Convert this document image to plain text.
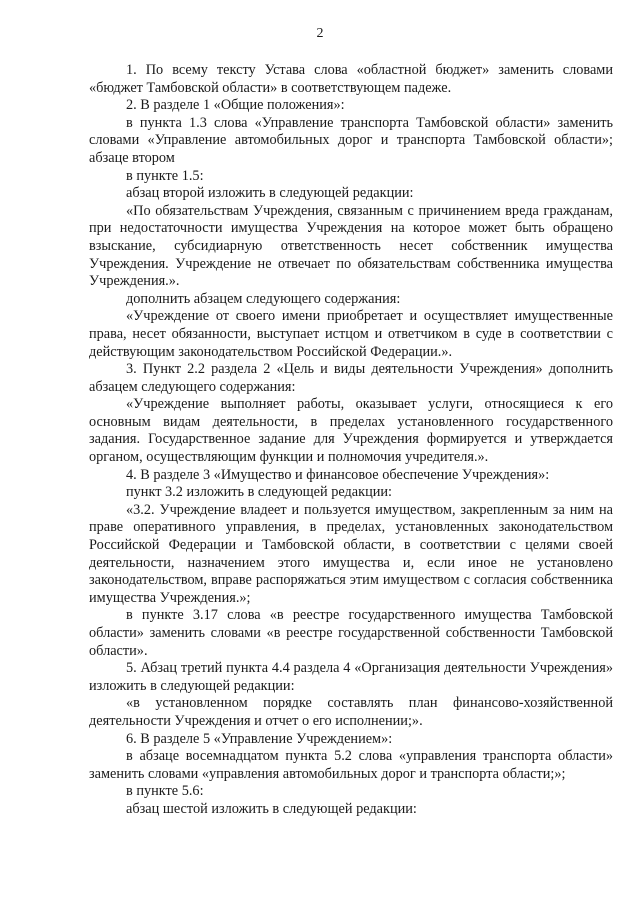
2

1. По всему тексту Устава слова «областной бюджет» заменить словами «бюджет Тамбовской области» в соответствующем падеже.

2. В разделе 1 «Общие положения»:

в пункта 1.3 слова «Управление транспорта Тамбовской области» заменить словами «Управление автомобильных дорог и транспорта Тамбовской области»; абзаце втором

в пункте 1.5:

абзац второй изложить в следующей редакции:

«По обязательствам Учреждения, связанным с причинением вреда гражданам, при недостаточности имущества Учреждения на которое может быть обращено взыскание, субсидиарную ответственность несет собственник имущества Учреждения. Учреждение не отвечает по обязательствам собственника имущества Учреждения.».

дополнить абзацем следующего содержания:

«Учреждение от своего имени приобретает и осуществляет имущественные права, несет обязанности, выступает истцом и ответчиком в суде в соответствии с действующим законодательством Российской Федерации.».

3. Пункт 2.2 раздела 2 «Цель и виды деятельности Учреждения» дополнить абзацем следующего содержания:

«Учреждение выполняет работы, оказывает услуги, относящиеся к его основным видам деятельности, в пределах установленного государственного задания. Государственное задание для Учреждения формируется и утверждается органом, осуществляющим функции и полномочия учредителя.».

4. В разделе 3 «Имущество и финансовое обеспечение Учреждения»:

пункт 3.2 изложить в следующей редакции:

«3.2. Учреждение владеет и пользуется имуществом, закрепленным за ним на праве оперативного управления, в пределах, установленных законодательством Российской Федерации и Тамбовской области, в соответствии с целями своей деятельности, назначением этого имущества и, если иное не установлено законодательством, вправе распоряжаться этим имуществом с согласия собственника имущества Учреждения.»;

в пункте 3.17 слова «в реестре государственного имущества Тамбовской области» заменить словами «в реестре государственной собственности Тамбовской области».

5. Абзац третий пункта 4.4 раздела 4 «Организация деятельности Учреждения» изложить в следующей редакции:

«в установленном порядке составлять план финансово-хозяйственной деятельности Учреждения и отчет о его исполнении;».

6. В разделе 5 «Управление Учреждением»:

в абзаце восемнадцатом пункта 5.2 слова «управления транспорта области» заменить словами «управления автомобильных дорог и транспорта области;»;

в пункте 5.6:

абзац шестой изложить в следующей редакции:
